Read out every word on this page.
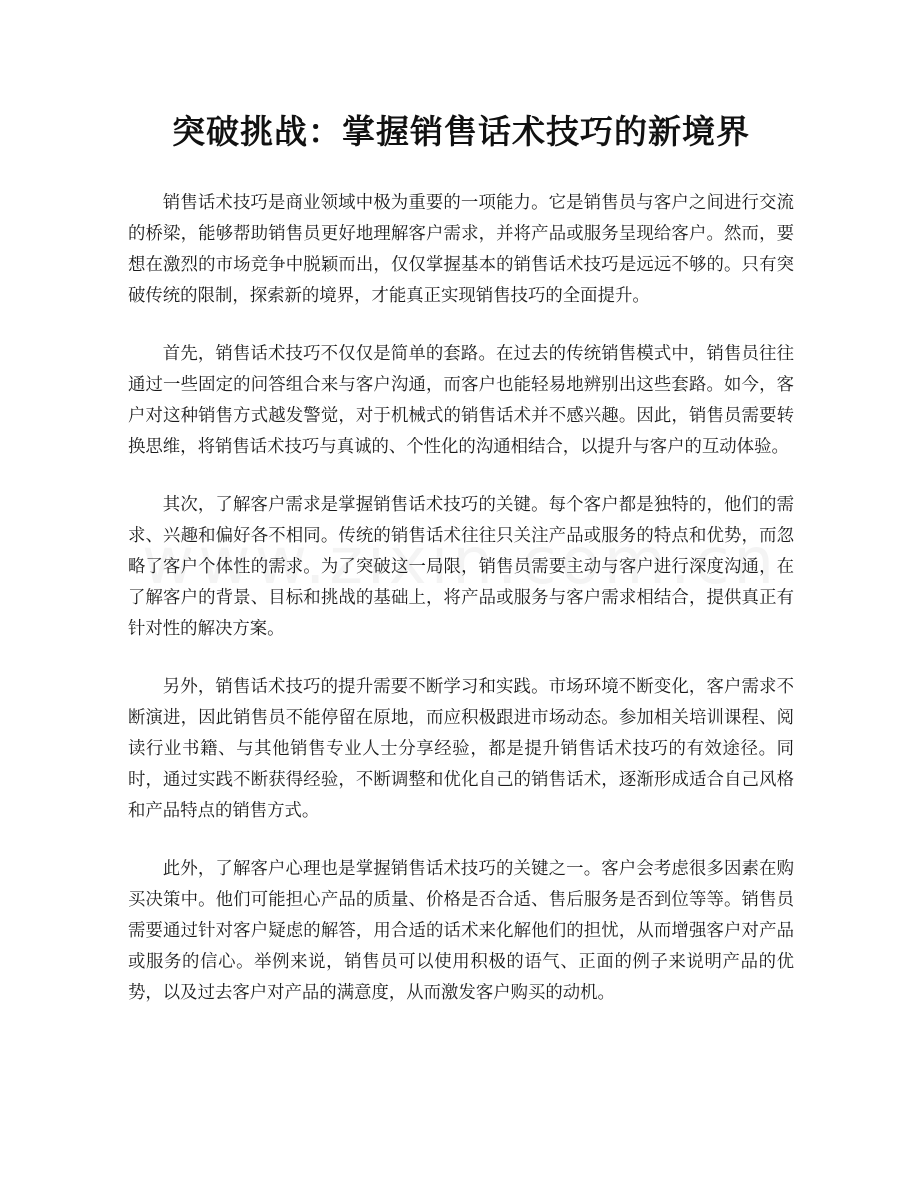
突破挑战：掌握销售话术技巧的新境界

销售话术技巧是商业领域中极为重要的一项能力。它是销售员与客户之间进行交流的桥梁，能够帮助销售员更好地理解客户需求，并将产品或服务呈现给客户。然而，要想在激烈的市场竞争中脱颖而出，仅仅掌握基本的销售话术技巧是远远不够的。只有突破传统的限制，探索新的境界，才能真正实现销售技巧的全面提升。

首先，销售话术技巧不仅仅是简单的套路。在过去的传统销售模式中，销售员往往通过一些固定的问答组合来与客户沟通，而客户也能轻易地辨别出这些套路。如今，客户对这种销售方式越发警觉，对于机械式的销售话术并不感兴趣。因此，销售员需要转换思维，将销售话术技巧与真诚的、个性化的沟通相结合，以提升与客户的互动体验。

其次，了解客户需求是掌握销售话术技巧的关键。每个客户都是独特的，他们的需求、兴趣和偏好各不相同。传统的销售话术往往只关注产品或服务的特点和优势，而忽略了客户个体性的需求。为了突破这一局限，销售员需要主动与客户进行深度沟通，在了解客户的背景、目标和挑战的基础上，将产品或服务与客户需求相结合，提供真正有针对性的解决方案。

另外，销售话术技巧的提升需要不断学习和实践。市场环境不断变化，客户需求不断演进，因此销售员不能停留在原地，而应积极跟进市场动态。参加相关培训课程、阅读行业书籍、与其他销售专业人士分享经验，都是提升销售话术技巧的有效途径。同时，通过实践不断获得经验，不断调整和优化自己的销售话术，逐渐形成适合自己风格和产品特点的销售方式。

此外，了解客户心理也是掌握销售话术技巧的关键之一。客户会考虑很多因素在购买决策中。他们可能担心产品的质量、价格是否合适、售后服务是否到位等等。销售员需要通过针对客户疑虑的解答，用合适的话术来化解他们的担忧，从而增强客户对产品或服务的信心。举例来说，销售员可以使用积极的语气、正面的例子来说明产品的优势，以及过去客户对产品的满意度，从而激发客户购买的动机。
